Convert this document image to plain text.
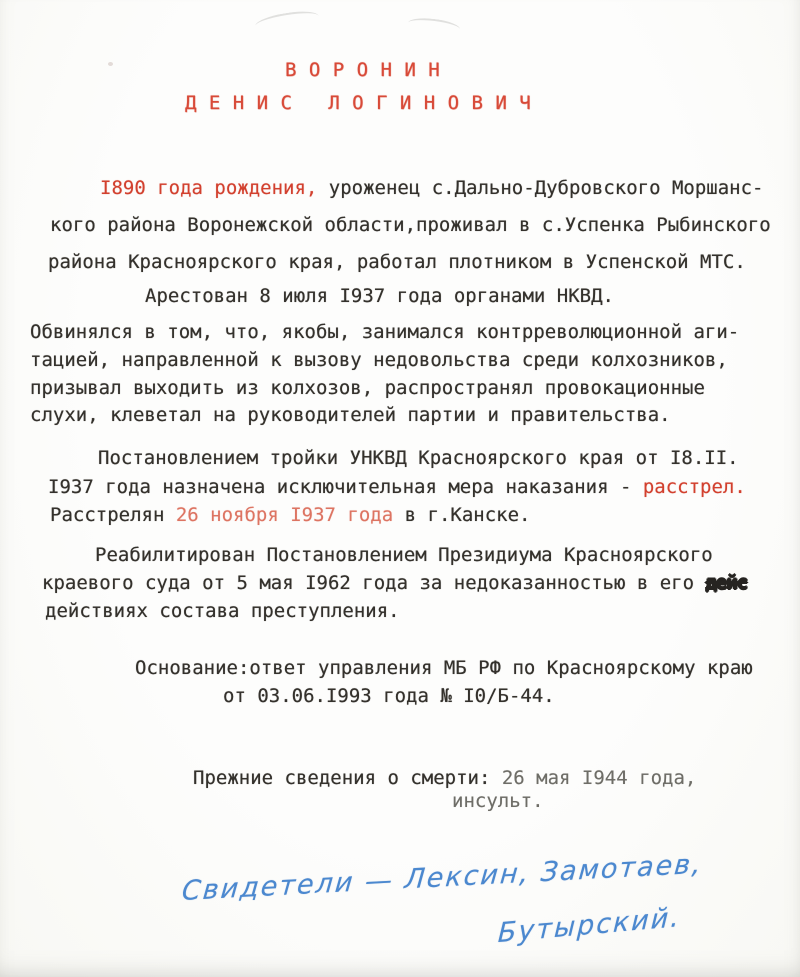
В О Р О Н И Н
Д Е Н И С   Л О Г И Н О В И Ч
I890 года рождения, уроженец с.Дально-Дубровского Моршанс-
кого района Воронежской области,проживал в с.Успенка Рыбинского
района Красноярского края, работал плотником в Успенской МТС.
Арестован 8 июля I937 года органами НКВД.
Обвинялся в том, что, якобы, занимался контрреволюционной аги-
тацией, направленной к вызову недовольства среди колхозников,
призывал выходить из колхозов, распространял провокационные
слухи, клеветал на руководителей партии и правительства.
Постановлением тройки УНКВД Красноярского края от I8.II.
I937 года назначена исключительная мера наказания - расстрел.
Расстрелян 26 ноября I937 года в г.Канске.
Реабилитирован Постановлением Президиума Красноярского
краевого суда от 5 мая I962 года за недоказанностью в его дейс
действиях состава преступления.
Основание:ответ управления МБ РФ по Красноярскому краю
от 03.06.I993 года № I0/Б-44.
Прежние сведения о смерти: 26 мая I944 года,
инсульт.
Свидетели — Лексин, Замотаев,
Бутырский.
